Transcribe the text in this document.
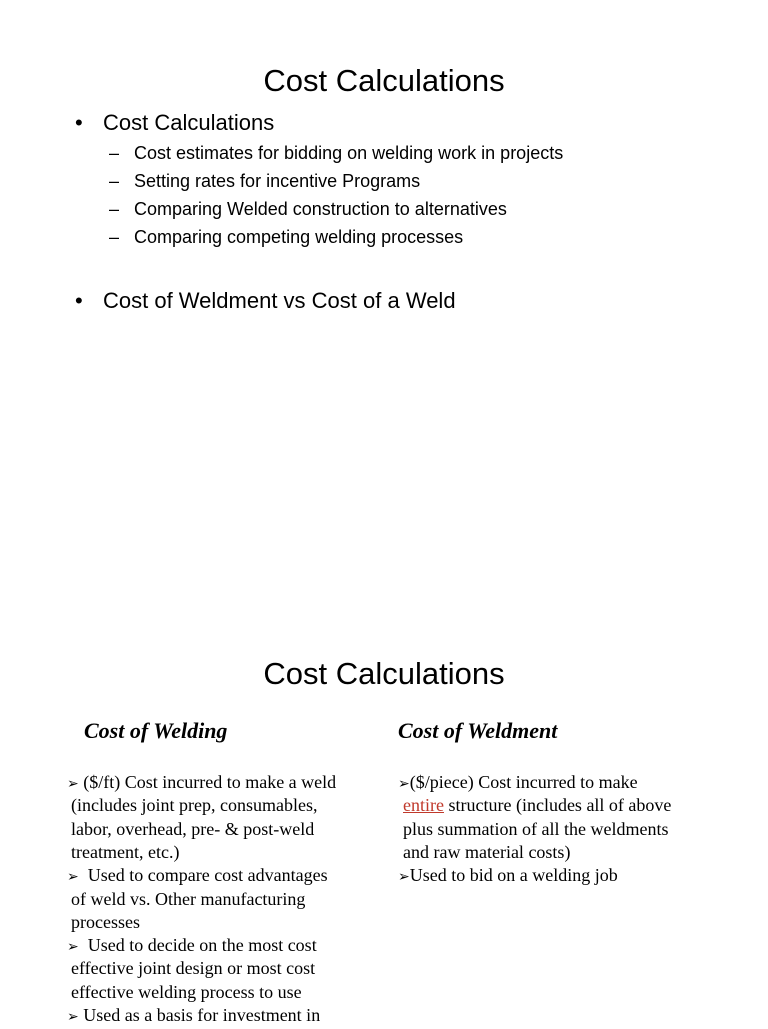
Cost Calculations
• Cost Calculations
– Cost estimates for bidding on welding work in projects
– Setting rates for incentive Programs
– Comparing Welded construction to alternatives
– Comparing competing welding processes
• Cost of Weldment vs Cost of a Weld
Cost Calculations
Cost of Welding	Cost of Weldment
➢ ($/ft) Cost incurred to make a weld
(includes joint prep, consumables,
labor, overhead, pre- & post-weld
treatment, etc.)
➢ Used to compare cost advantages
of weld vs. Other manufacturing
processes
➢ Used to decide on the most cost
effective joint design or most cost
effective welding process to use
➢ Used as a basis for investment in
➢($/piece) Cost incurred to make
entire structure (includes all of above
plus summation of all the weldments
and raw material costs)
➢Used to bid on a welding job
